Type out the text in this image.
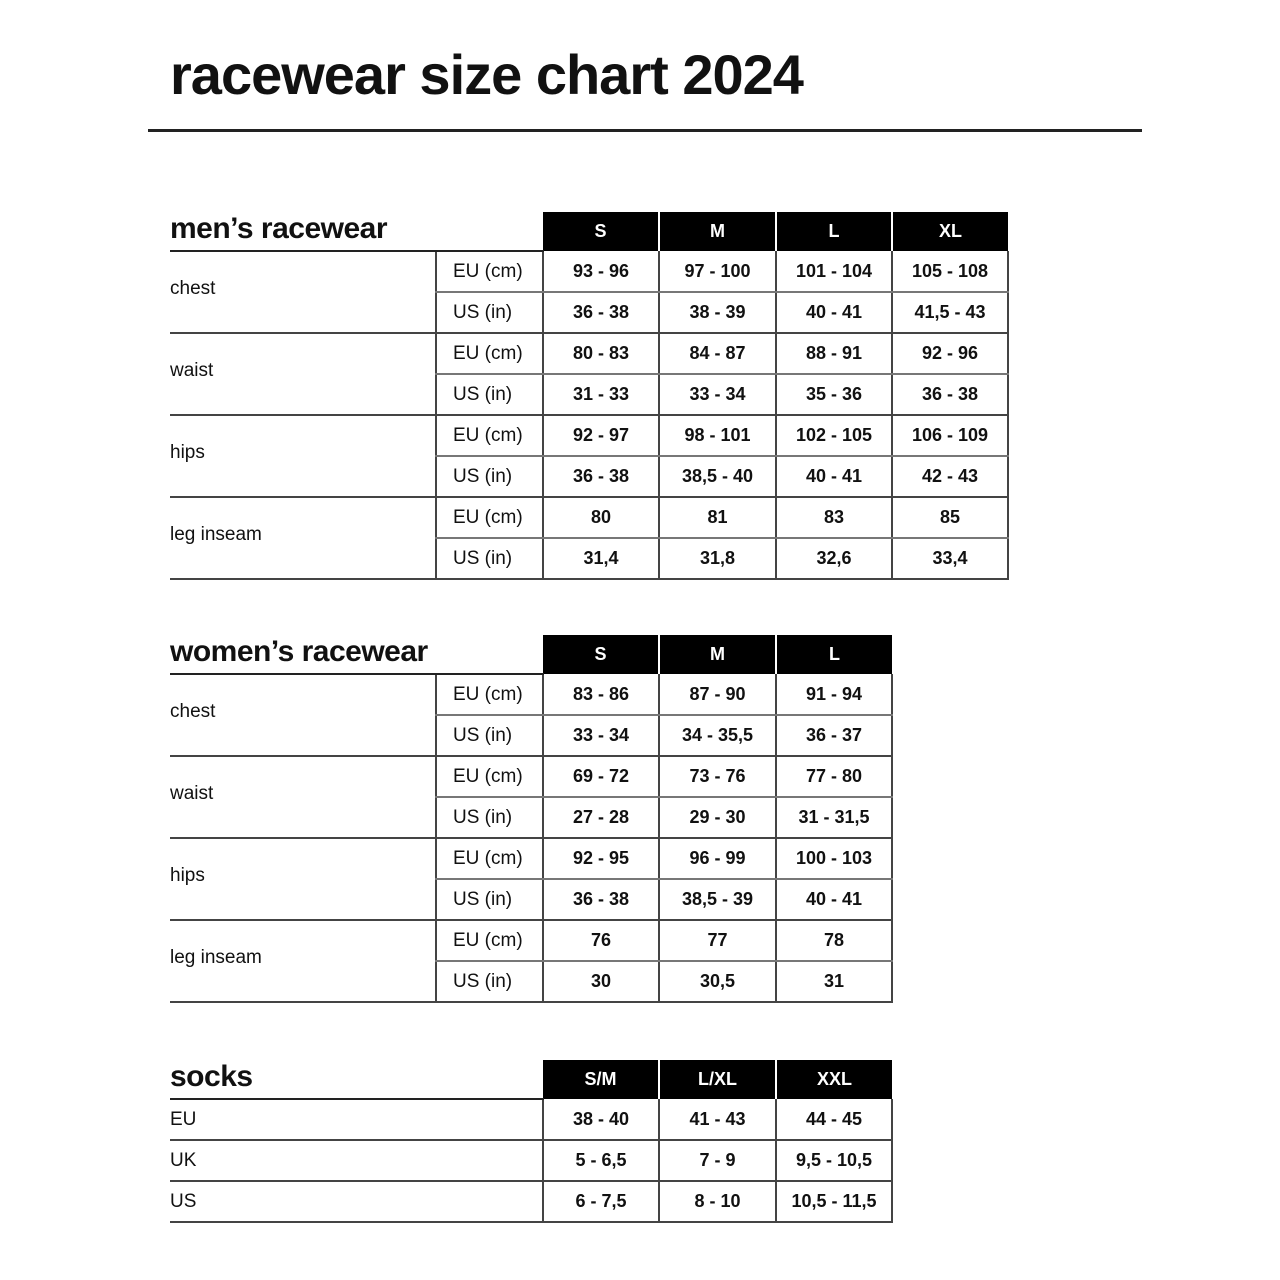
racewear size chart 2024
men’s racewear		S	M	L	XL
chest	EU (cm)	93 - 96	97 - 100	101 - 104	105 - 108
	US (in)	36 - 38	38 - 39	40 - 41	41,5 - 43
waist	EU (cm)	80 - 83	84 - 87	88 - 91	92 - 96
	US (in)	31 - 33	33 - 34	35 - 36	36 - 38
hips	EU (cm)	92 - 97	98 - 101	102 - 105	106 - 109
	US (in)	36 - 38	38,5 - 40	40 - 41	42 - 43
leg inseam	EU (cm)	80	81	83	85
	US (in)	31,4	31,8	32,6	33,4
women’s racewear		S	M	L
chest	EU (cm)	83 - 86	87 - 90	91 - 94
	US (in)	33 - 34	34 - 35,5	36 - 37
waist	EU (cm)	69 - 72	73 - 76	77 - 80
	US (in)	27 - 28	29 - 30	31 - 31,5
hips	EU (cm)	92 - 95	96 - 99	100 - 103
	US (in)	36 - 38	38,5 - 39	40 - 41
leg inseam	EU (cm)	76	77	78
	US (in)	30	30,5	31
socks	S/M	L/XL	XXL
EU	38 - 40	41 - 43	44 - 45
UK	5 - 6,5	7 - 9	9,5 - 10,5
US	6 - 7,5	8 - 10	10,5 - 11,5
